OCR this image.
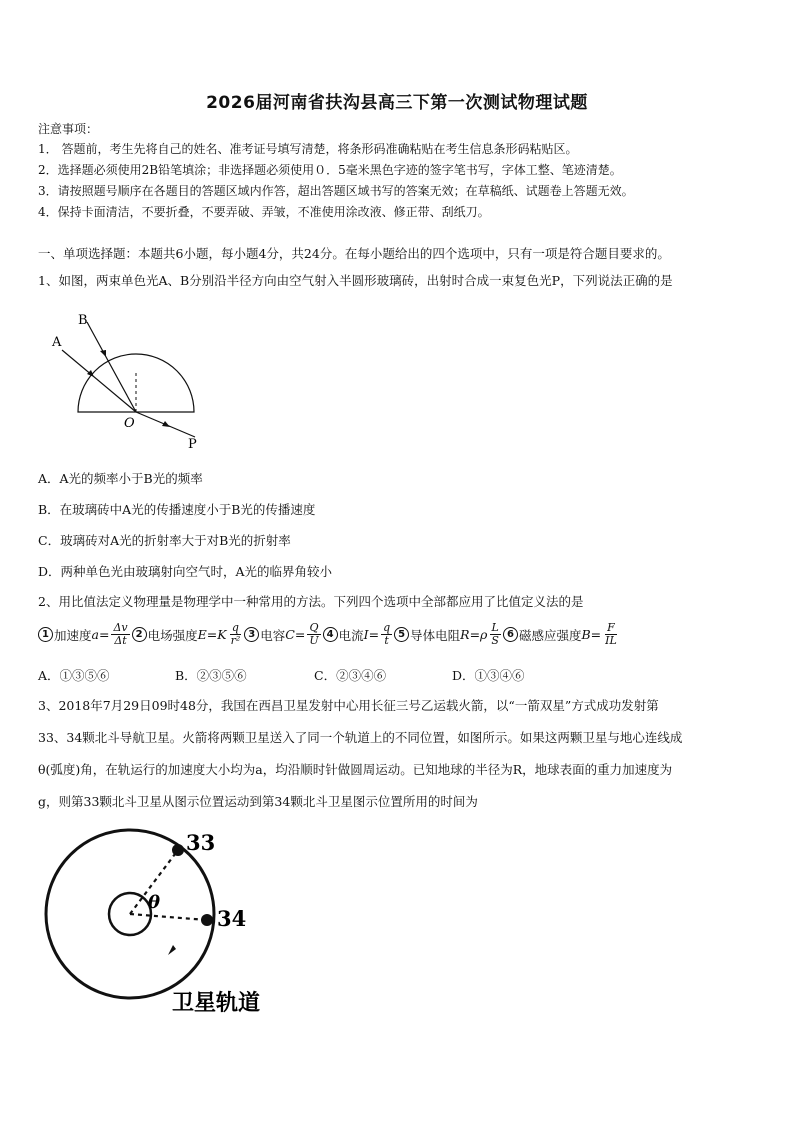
2026届河南省扶沟县高三下第一次测试物理试题
注意事项：
1． 答题前，考生先将自己的姓名、准考证号填写清楚，将条形码准确粘贴在考生信息条形码粘贴区。
2．选择题必须使用2B铅笔填涂；非选择题必须使用０．5毫米黑色字迹的签字笔书写，字体工整、笔迹清楚。
3．请按照题号顺序在各题目的答题区域内作答，超出答题区域书写的答案无效；在草稿纸、试题卷上答题无效。
4．保持卡面清洁，不要折叠，不要弄破、弄皱，不准使用涂改液、修正带、刮纸刀。
一、单项选择题：本题共6小题，每小题4分，共24分。在每小题给出的四个选项中，只有一项是符合题目要求的。
1、如图，两束单色光A、B分别沿半径方向由空气射入半圆形玻璃砖，出射时合成一束复色光P，下列说法正确的是
A
B
O
P
A．A光的频率小于B光的频率
B．在玻璃砖中A光的传播速度小于B光的传播速度
C．玻璃砖对A光的折射率大于对B光的折射率
D．两种单色光由玻璃射向空气时，A光的临界角较小
2、用比值法定义物理量是物理学中一种常用的方法。下列四个选项中全部都应用了比值定义法的是
1 加速度 $a = \frac{\Delta v}{\Delta t} 2$ 电场强度 E = K $\frac{q}{\text{r²}} 3$ 电容 $C = \frac{Q}{U} 4$ 电流 $I = \frac{q}{t} 5$ 导体电阻 R = ρ $\frac{L}{S} 6$ 磁感应强度 $B = \frac{F}{IL}$
A．①③⑤⑥	B．②③⑤⑥	C．②③④⑥	D．①③④⑥
3、2018年7月29日09时48分，我国在西昌卫星发射中心用长征三号乙运载火箭，以“一箭双星”方式成功发射第
33、34颗北斗导航卫星。火箭将两颗卫星送入了同一个轨道上的不同位置，如图所示。如果这两颗卫星与地心连线成
θ(弧度)角，在轨运行的加速度大小均为a，均沿顺时针做圆周运动。已知地球的半径为R，地球表面的重力加速度为
g，则第33颗北斗卫星从图示位置运动到第34颗北斗卫星图示位置所用的时间为
33
34
θ
卫星轨道
